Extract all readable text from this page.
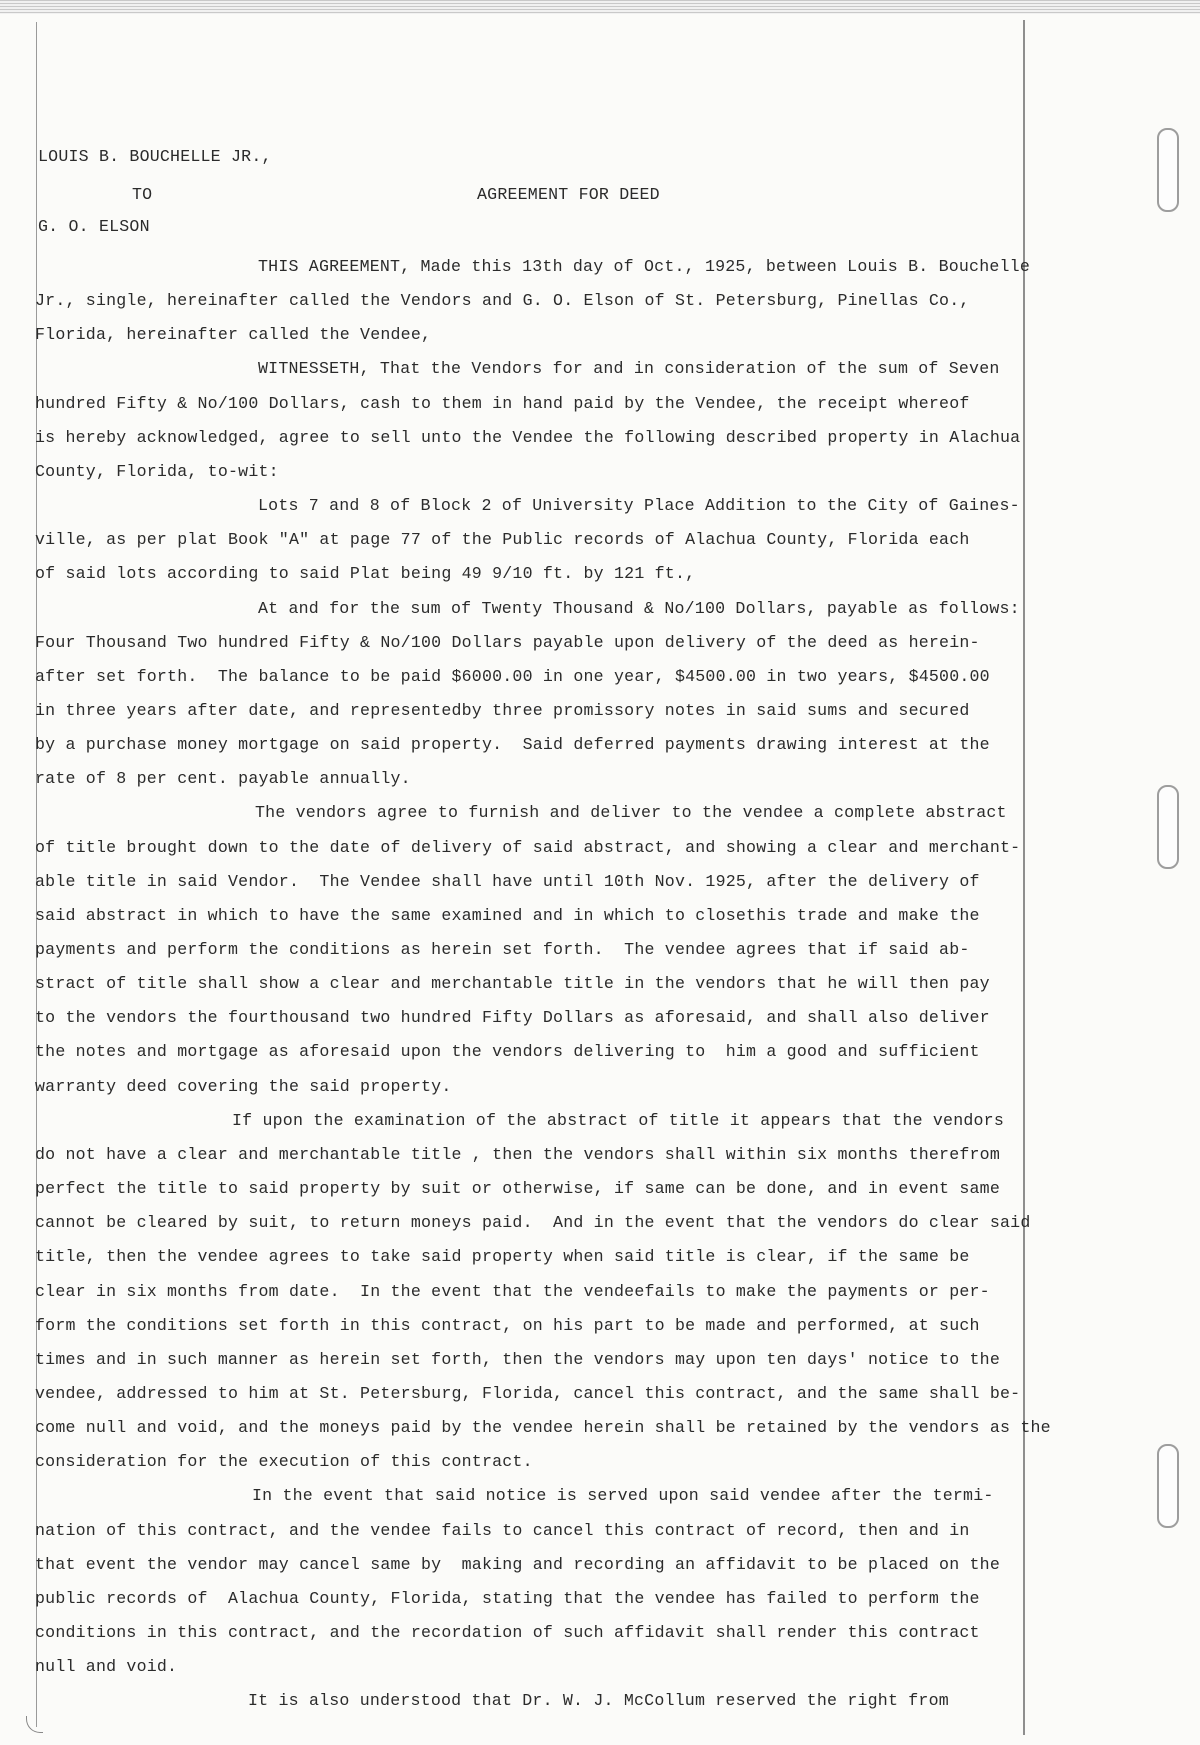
LOUIS B. BOUCHELLE JR.,
TO	AGREEMENT FOR DEED
G. O. ELSON
THIS AGREEMENT, Made this 13th day of Oct., 1925, between Louis B. Bouchelle
Jr., single, hereinafter called the Vendors and G. O. Elson of St. Petersburg, Pinellas Co.,
Florida, hereinafter called the Vendee,
WITNESSETH, That the Vendors for and in consideration of the sum of Seven
hundred Fifty & No/100 Dollars, cash to them in hand paid by the Vendee, the receipt whereof
is hereby acknowledged, agree to sell unto the Vendee the following described property in Alachua
County, Florida, to-wit:
Lots 7 and 8 of Block 2 of University Place Addition to the City of Gaines-
ville, as per plat Book "A" at page 77 of the Public records of Alachua County, Florida each
of said lots according to said Plat being 49 9/10 ft. by 121 ft.,
At and for the sum of Twenty Thousand & No/100 Dollars, payable as follows:
Four Thousand Two hundred Fifty & No/100 Dollars payable upon delivery of the deed as herein-
after set forth.  The balance to be paid $6000.00 in one year, $4500.00 in two years, $4500.00
in three years after date, and representedby three promissory notes in said sums and secured
by a purchase money mortgage on said property.  Said deferred payments drawing interest at the
rate of 8 per cent. payable annually.
The vendors agree to furnish and deliver to the vendee a complete abstract
of title brought down to the date of delivery of said abstract, and showing a clear and merchant-
able title in said Vendor.  The Vendee shall have until 10th Nov. 1925, after the delivery of
said abstract in which to have the same examined and in which to closethis trade and make the
payments and perform the conditions as herein set forth.  The vendee agrees that if said ab-
stract of title shall show a clear and merchantable title in the vendors that he will then pay
to the vendors the fourthousand two hundred Fifty Dollars as aforesaid, and shall also deliver
the notes and mortgage as aforesaid upon the vendors delivering to  him a good and sufficient
warranty deed covering the said property.
If upon the examination of the abstract of title it appears that the vendors
do not have a clear and merchantable title , then the vendors shall within six months therefrom
perfect the title to said property by suit or otherwise, if same can be done, and in event same
cannot be cleared by suit, to return moneys paid.  And in the event that the vendors do clear said
title, then the vendee agrees to take said property when said title is clear, if the same be
clear in six months from date.  In the event that the vendeefails to make the payments or per-
form the conditions set forth in this contract, on his part to be made and performed, at such
times and in such manner as herein set forth, then the vendors may upon ten days' notice to the
vendee, addressed to him at St. Petersburg, Florida, cancel this contract, and the same shall be-
come null and void, and the moneys paid by the vendee herein shall be retained by the vendors as the
consideration for the execution of this contract.
In the event that said notice is served upon said vendee after the termi-
nation of this contract, and the vendee fails to cancel this contract of record, then and in
that event the vendor may cancel same by  making and recording an affidavit to be placed on the
public records of  Alachua County, Florida, stating that the vendee has failed to perform the
conditions in this contract, and the recordation of such affidavit shall render this contract
null and void.
It is also understood that Dr. W. J. McCollum reserved the right from
